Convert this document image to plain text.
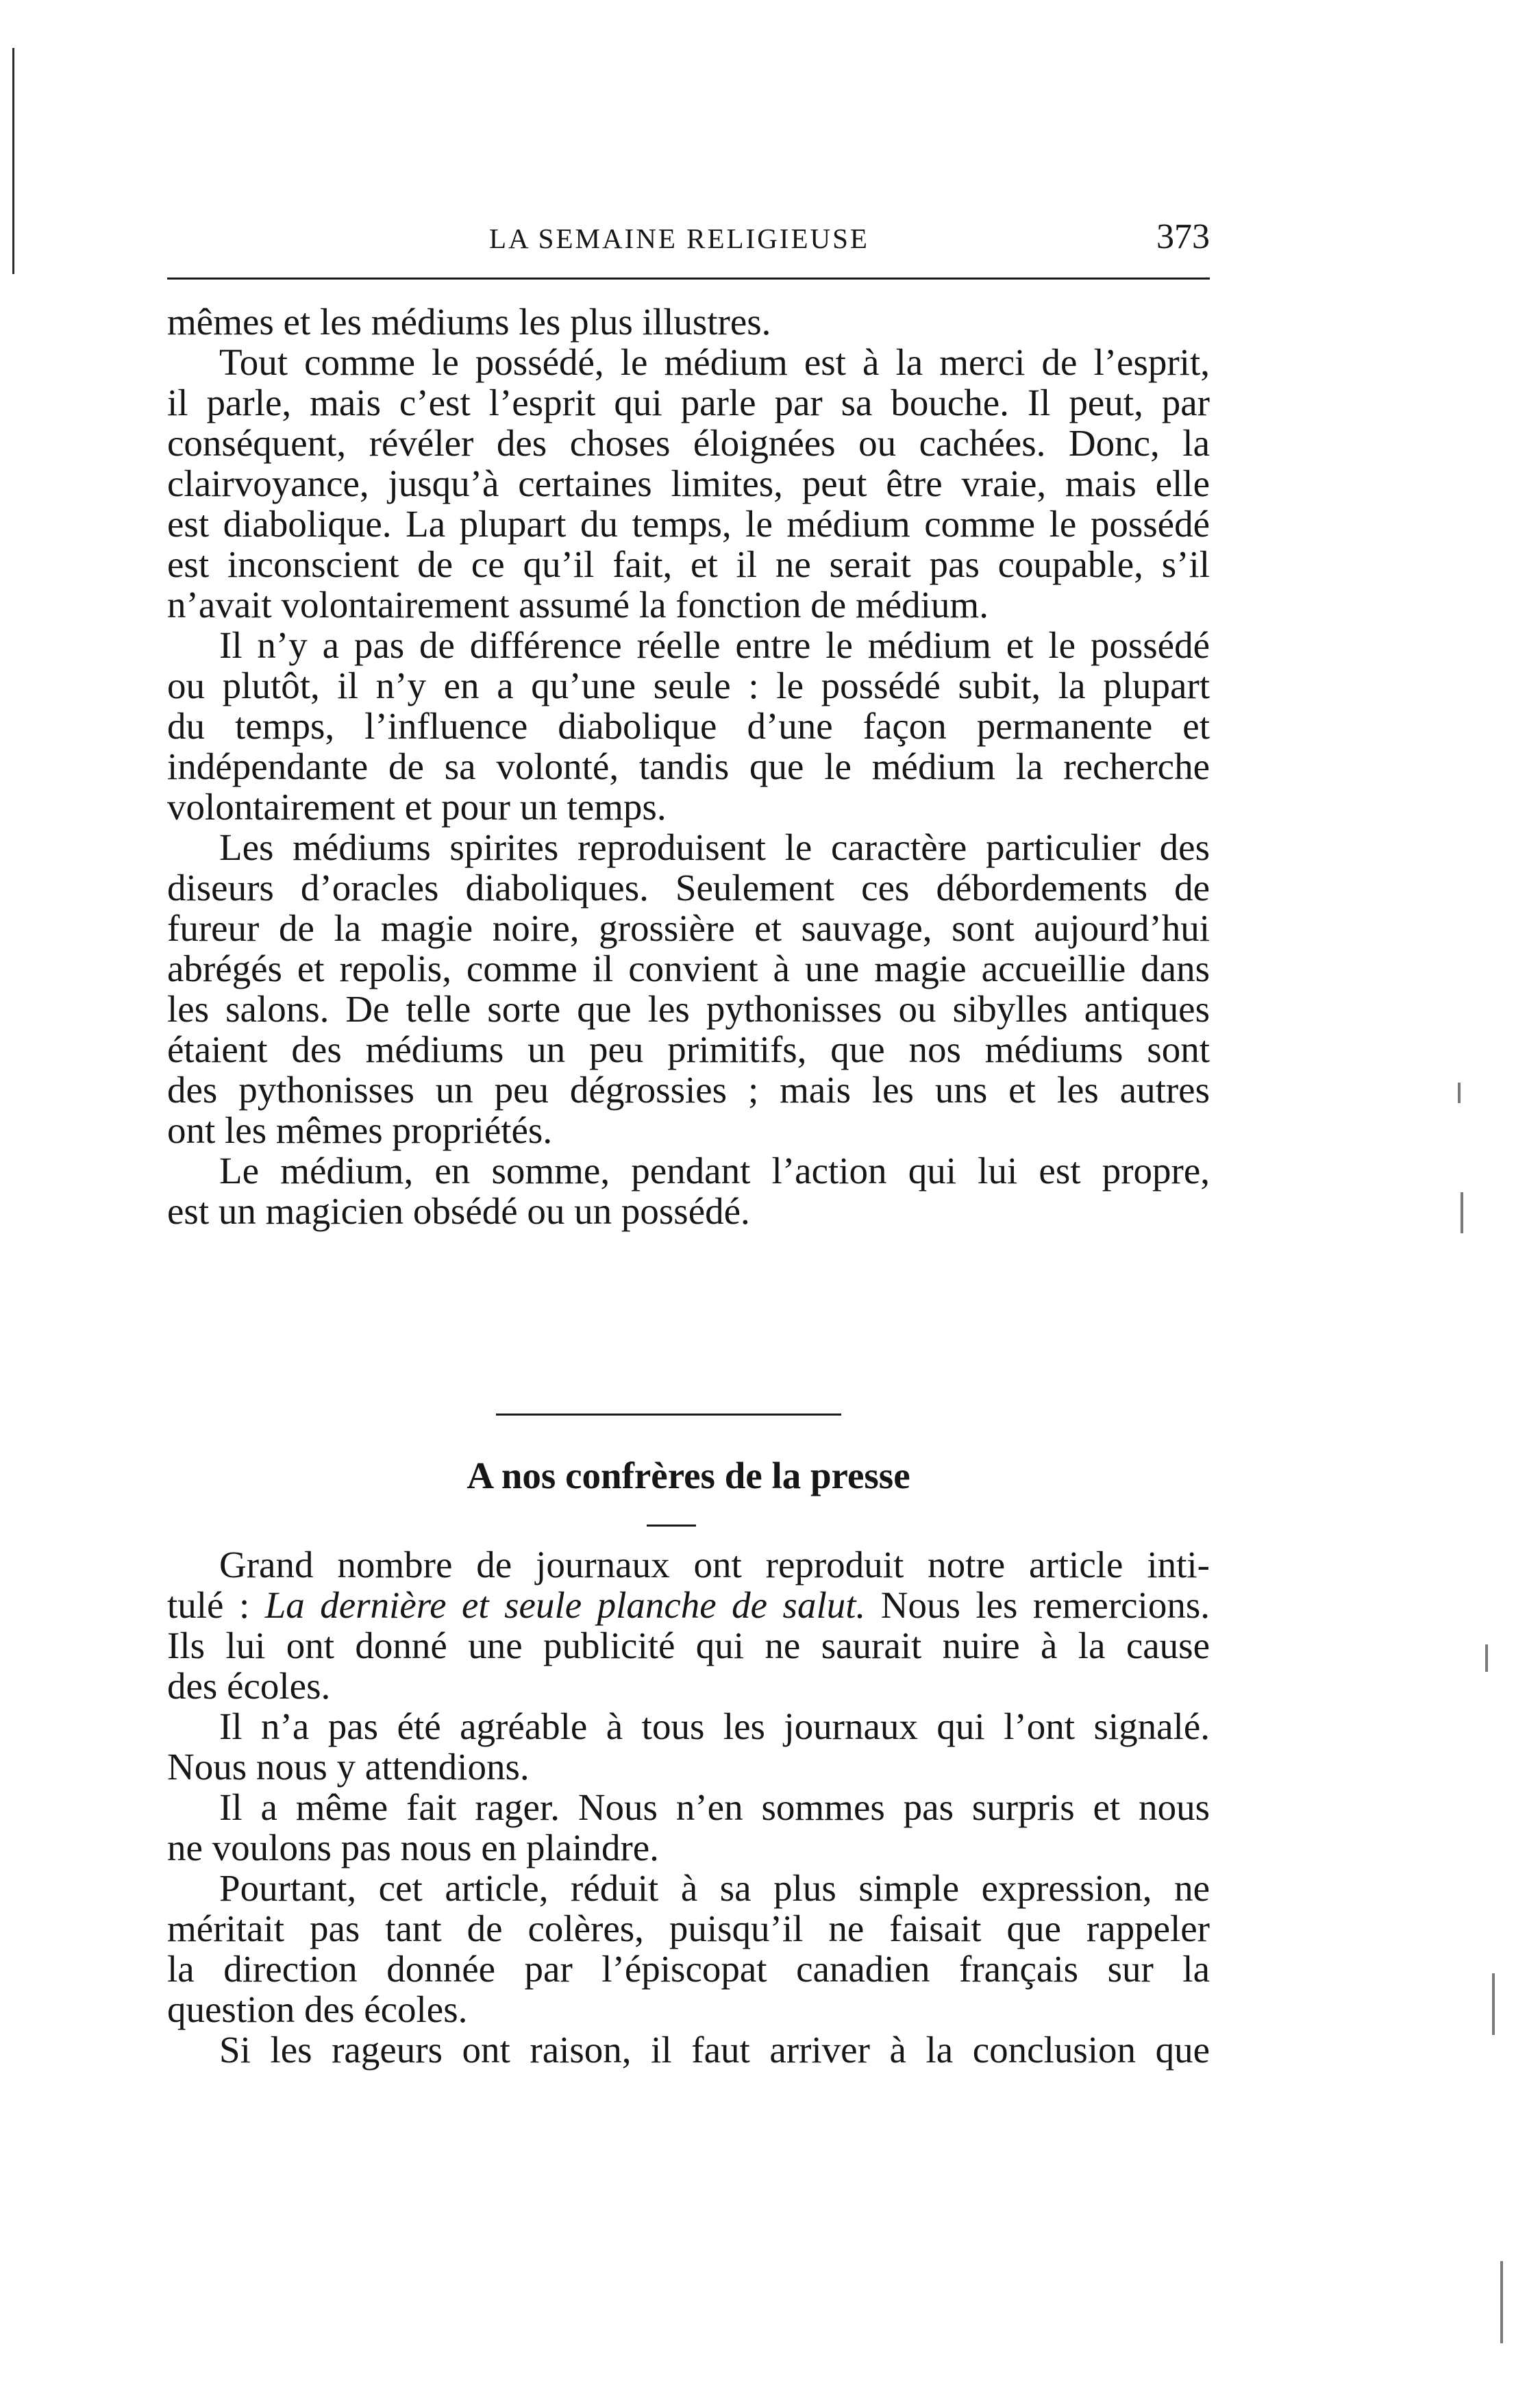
LA SEMAINE RELIGIEUSE	373
mêmes et les médiums les plus illustres.
Tout comme le possédé, le médium est à la merci de l’esprit,
il parle, mais c’est l’esprit qui parle par sa bouche. Il peut, par
conséquent, révéler des choses éloignées ou cachées. Donc, la
clairvoyance, jusqu’à certaines limites, peut être vraie, mais elle
est diabolique. La plupart du temps, le médium comme le possédé
est inconscient de ce qu’il fait, et il ne serait pas coupable, s’il
n’avait volontairement assumé la fonction de médium.
Il n’y a pas de différence réelle entre le médium et le possédé
ou plutôt, il n’y en a qu’une seule : le possédé subit, la plupart
du temps, l’influence diabolique d’une façon permanente et
indépendante de sa volonté, tandis que le médium la recherche
volontairement et pour un temps.
Les médiums spirites reproduisent le caractère particulier des
diseurs d’oracles diaboliques. Seulement ces débordements de
fureur de la magie noire, grossière et sauvage, sont aujourd’hui
abrégés et repolis, comme il convient à une magie accueillie dans
les salons. De telle sorte que les pythonisses ou sibylles antiques
étaient des médiums un peu primitifs, que nos médiums sont
des pythonisses un peu dégrossies ; mais les uns et les autres
ont les mêmes propriétés.
Le médium, en somme, pendant l’action qui lui est propre,
est un magicien obsédé ou un possédé.
A nos confrères de la presse
Grand nombre de journaux ont reproduit notre article inti-
tulé : La dernière et seule planche de salut. Nous les remercions.
Ils lui ont donné une publicité qui ne saurait nuire à la cause
des écoles.
Il n’a pas été agréable à tous les journaux qui l’ont signalé.
Nous nous y attendions.
Il a même fait rager. Nous n’en sommes pas surpris et nous
ne voulons pas nous en plaindre.
Pourtant, cet article, réduit à sa plus simple expression, ne
méritait pas tant de colères, puisqu’il ne faisait que rappeler
la direction donnée par l’épiscopat canadien français sur la
question des écoles.
Si les rageurs ont raison, il faut arriver à la conclusion que
